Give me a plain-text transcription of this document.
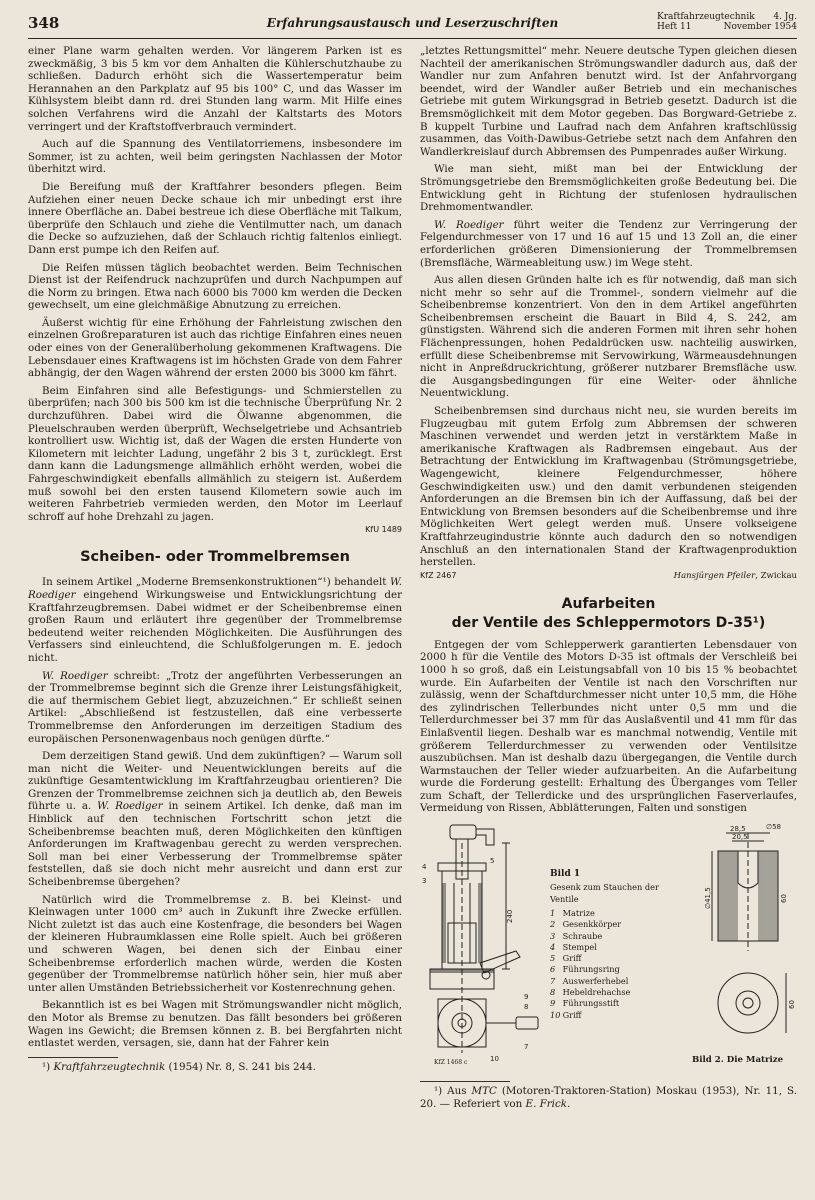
348	Erfahrungsaustausch und Leserzuschriften	Kraftfahrzeugtechnik 4. Jg.
Heft 11	November 1954

einer Plane warm gehalten werden. Vor längerem Parken ist es zweckmäßig, 3 bis 5 km vor dem Anhalten die Kühlerschutzhaube zu schließen. Dadurch erhöht sich die Wassertemperatur beim Herannahen an den Parkplatz auf 95 bis 100° C, und das Wasser im Kühlsystem bleibt dann rd. drei Stunden lang warm. Mit Hilfe eines solchen Verfahrens wird die Anzahl der Kaltstarts des Motors verringert und der Kraftstoffverbrauch vermindert.

Auch auf die Spannung des Ventilatorriemens, insbesondere im Sommer, ist zu achten, weil beim geringsten Nachlassen der Motor überhitzt wird.

Die Bereifung muß der Kraftfahrer besonders pflegen. Beim Aufziehen einer neuen Decke schaue ich mir unbedingt erst ihre innere Oberfläche an. Dabei bestreue ich diese Oberfläche mit Talkum, überprüfe den Schlauch und ziehe die Ventilmutter nach, um danach die Decke so aufzuziehen, daß der Schlauch richtig faltenlos einliegt. Dann erst pumpe ich den Reifen auf.

Die Reifen müssen täglich beobachtet werden. Beim Technischen Dienst ist der Reifendruck nachzuprüfen und durch Nachpumpen auf die Norm zu bringen. Etwa nach 6000 bis 7000 km werden die Decken gewechselt, um eine gleichmäßige Abnutzung zu erreichen.

Äußerst wichtig für eine Erhöhung der Fahrleistung zwischen den einzelnen Großreparaturen ist auch das richtige Einfahren eines neuen oder eines von der Generalüberholung gekommenen Kraftwagens. Die Lebensdauer eines Kraftwagens ist im höchsten Grade von dem Fahrer abhängig, der den Wagen während der ersten 2000 bis 3000 km fährt.

Beim Einfahren sind alle Befestigungs- und Schmierstellen zu überprüfen; nach 300 bis 500 km ist die technische Überprüfung Nr. 2 durchzuführen. Dabei wird die Ölwanne abgenommen, die Pleuelschrauben werden überprüft, Wechselgetriebe und Achsantrieb kontrolliert usw. Wichtig ist, daß der Wagen die ersten Hunderte von Kilometern mit leichter Ladung, ungefähr 2 bis 3 t, zurücklegt. Erst dann kann die Ladungsmenge allmählich erhöht werden, wobei die Fahrgeschwindigkeit ebenfalls allmählich zu steigern ist. Außerdem muß sowohl bei den ersten tausend Kilometern sowie auch im weiteren Fahrbetrieb vermieden werden, den Motor im Leerlauf schroff auf hohe Drehzahl zu jagen.

KfU 1489
Scheiben- oder Trommelbremsen

In seinem Artikel „Moderne Bremsenkonstruktionen“¹) behandelt W. Roediger eingehend Wirkungsweise und Entwicklungsrichtung der Kraftfahrzeugbremsen. Dabei widmet er der Scheibenbremse einen großen Raum und erläutert ihre gegenüber der Trommelbremse bedeutend weiter reichenden Möglichkeiten. Die Ausführungen des Verfassers sind einleuchtend, die Schlußfolgerungen m. E. jedoch nicht.

W. Roediger schreibt: „Trotz der angeführten Verbesserungen an der Trommelbremse beginnt sich die Grenze ihrer Leistungsfähigkeit, die auf thermischem Gebiet liegt, abzuzeichnen.“ Er schließt seinen Artikel: „Abschließend ist festzustellen, daß eine verbesserte Trommelbremse den Anforderungen im derzeitigen Stadium des europäischen Personenwagenbaus noch genügen dürfte.“

Dem derzeitigen Stand gewiß. Und dem zukünftigen? — Warum soll man nicht die Weiter- und Neuentwicklungen bereits auf die zukünftige Gesamtentwicklung im Kraftfahrzeugbau orientieren? Die Grenzen der Trommelbremse zeichnen sich ja deutlich ab, den Beweis führte u. a. W. Roediger in seinem Artikel. Ich denke, daß man im Hinblick auf den technischen Fortschritt schon jetzt die Scheibenbremse beachten muß, deren Möglichkeiten den künftigen Anforderungen im Kraftwagenbau gerecht zu werden versprechen. Soll man bei einer Verbesserung der Trommelbremse später feststellen, daß sie doch nicht mehr ausreicht und dann erst zur Scheibenbremse übergehen?

Natürlich wird die Trommelbremse z. B. bei Kleinst- und Kleinwagen unter 1000 cm³ auch in Zukunft ihre Zwecke erfüllen. Nicht zuletzt ist das auch eine Kostenfrage, die besonders bei Wagen der kleineren Hubraumklassen eine Rolle spielt. Auch bei größeren und schweren Wagen, bei denen sich der Einbau einer Scheibenbremse erforderlich machen würde, werden die Kosten gegenüber der Trommelbremse natürlich höher sein, hier muß aber unter allen Umständen Betriebssicherheit vor Kostenrechnung gehen.

Bekanntlich ist es bei Wagen mit Strömungswandler nicht möglich, den Motor als Bremse zu benutzen. Das fällt besonders bei größeren Wagen ins Gewicht; die Bremsen können z. B. bei Bergfahrten nicht entlastet werden, versagen, sie, dann hat der Fahrer kein

¹) Kraftfahrzeugtechnik (1954) Nr. 8, S. 241 bis 244.

„letztes Rettungsmittel“ mehr. Neuere deutsche Typen gleichen diesen Nachteil der amerikanischen Strömungswandler dadurch aus, daß der Wandler nur zum Anfahren benutzt wird. Ist der Anfahrvorgang beendet, wird der Wandler außer Betrieb und ein mechanisches Getriebe mit gutem Wirkungsgrad in Betrieb gesetzt. Dadurch ist die Bremsmöglichkeit mit dem Motor gegeben. Das Borgward-Getriebe z. B kuppelt Turbine und Laufrad nach dem Anfahren kraftschlüssig zusammen, das Voith-Dawibus-Getriebe setzt nach dem Anfahren den Wandlerkreislauf durch Abbremsen des Pumpenrades außer Wirkung.

Wie man sieht, mißt man bei der Entwicklung der Strömungsgetriebe den Bremsmöglichkeiten große Bedeutung bei. Die Entwicklung geht in Richtung der stufenlosen hydraulischen Drehmomentwandler.

W. Roediger führt weiter die Tendenz zur Verringerung der Felgendurchmesser von 17 und 16 auf 15 und 13 Zoll an, die einer erforderlichen größeren Dimensionierung der Trommelbremsen (Bremsfläche, Wärmeableitung usw.) im Wege steht.

Aus allen diesen Gründen halte ich es für notwendig, daß man sich nicht mehr so sehr auf die Trommel-, sondern vielmehr auf die Scheibenbremse konzentriert. Von den in dem Artikel angeführten Scheibenbremsen erscheint die Bauart in Bild 4, S. 242, am günstigsten. Während sich die anderen Formen mit ihren sehr hohen Flächenpressungen, hohen Pedaldrücken usw. nachteilig auswirken, erfüllt diese Scheibenbremse mit Servowirkung, Wärmeausdehnungen nicht in Anpreßdruckrichtung, größerer nutzbarer Bremsfläche usw. die Ausgangsbedingungen für eine Weiter- oder ähnliche Neuentwicklung.

Scheibenbremsen sind durchaus nicht neu, sie wurden bereits im Flugzeugbau mit gutem Erfolg zum Abbremsen der schweren Maschinen verwendet und werden jetzt in verstärktem Maße in amerikanische Kraftwagen als Radbremsen eingebaut. Aus der Betrachtung der Entwicklung im Kraftwagenbau (Strömungsgetriebe, Wagengewicht, kleinere Felgendurchmesser, höhere Geschwindigkeiten usw.) und den damit verbundenen steigenden Anforderungen an die Bremsen bin ich der Auffassung, daß bei der Entwicklung von Bremsen besonders auf die Scheibenbremse und ihre Möglichkeiten Wert gelegt werden muß. Unsere volkseigene Kraftfahrzeugindustrie könnte auch dadurch den so notwendigen Anschluß an den internationalen Stand der Kraftwagenproduktion herstellen.

KfZ 2467	Hansjürgen Pfeiler, Zwickau
Aufarbeiten
der Ventile des Schleppermotors D-35¹)

Entgegen der vom Schlepperwerk garantierten Lebensdauer von 2000 h für die Ventile des Motors D-35 ist oftmals der Verschleiß bei 1000 h so groß, daß ein Leistungsabfall von 10 bis 15 % beobachtet wurde. Ein Aufarbeiten der Ventile ist nach den Vorschriften nur zulässig, wenn der Schaftdurchmesser nicht unter 10,5 mm, die Höhe des zylindrischen Tellerbundes nicht unter 0,5 mm und die Tellerdurchmesser bei 37 mm für das Auslaßventil und 41 mm für das Einlaßventil liegen. Deshalb war es manchmal notwendig, Ventile mit größerem Tellerdurchmesser zu verwenden oder Ventilsitze auszubüchsen. Man ist deshalb dazu übergegangen, die Ventile durch Warmstauchen der Teller wieder aufzuarbeiten. An die Aufarbeitung wurde die Forderung gestellt: Erhaltung des Überganges vom Teller zum Schaft, der Tellerdicke und des ursprünglichen Faserverlaufes, Vermeidung von Rissen, Abblätterungen, Falten und sonstigen

4
3
5
240
9
8
7
10
KfZ 1468 c
Bild 1
Gesenk zum Stauchen der Ventile
1 Matrize
2 Gesenkkörper
3 Schraube
4 Stempel
5 Griff
6 Führungsring
7 Auswerferhebel
8 Hebeldrehachse
9 Führungsstift
10 Griff
20,5
28,5
60
∅41,5
60
∅58
Bild 2. Die Matrize

¹) Aus MTC (Motoren-Traktoren-Station) Moskau (1953), Nr. 11, S. 20. — Referiert von E. Frick.
